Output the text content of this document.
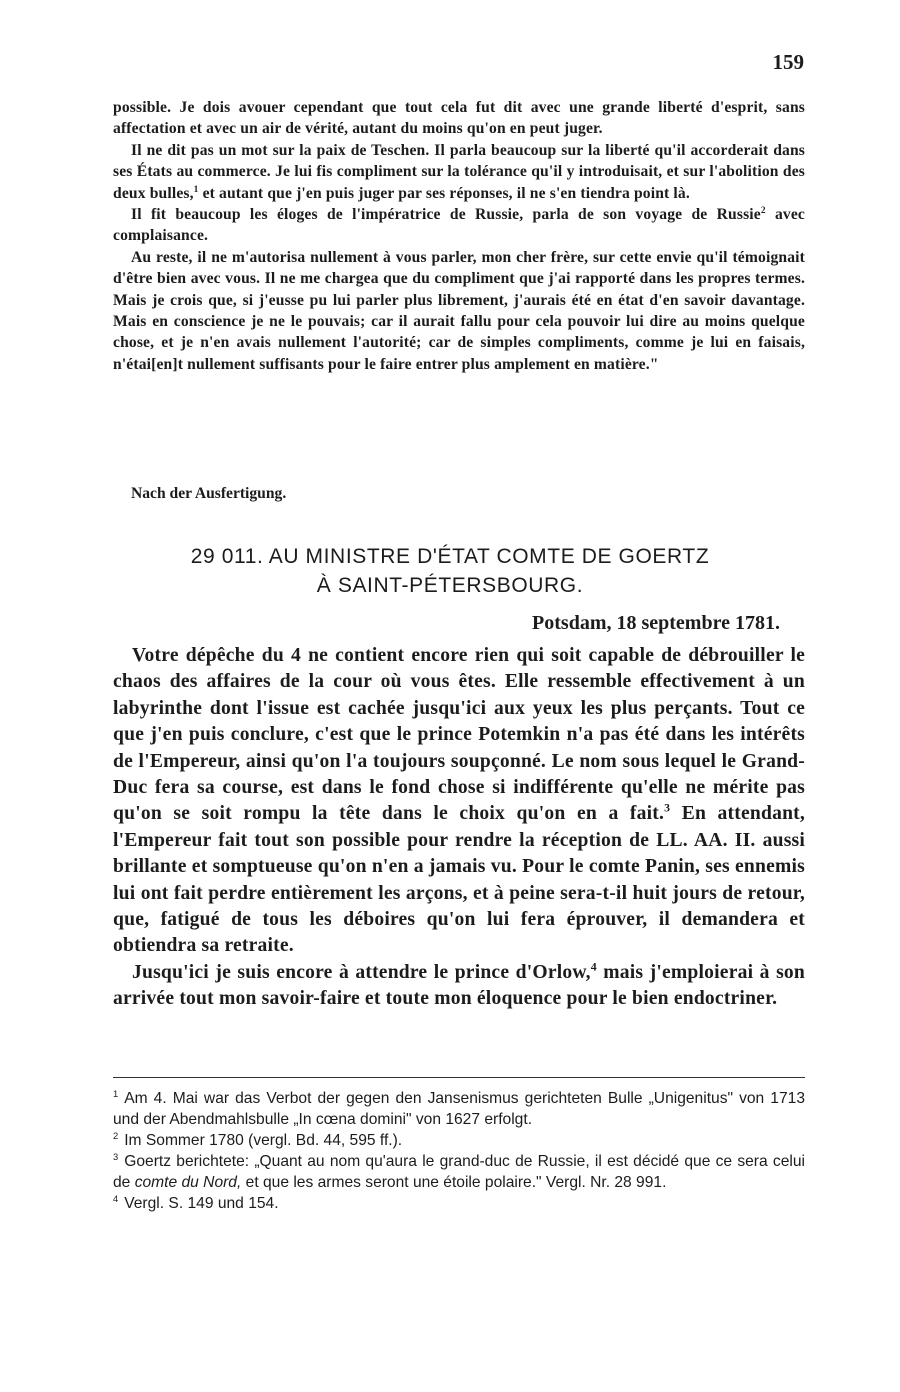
159

possible. Je dois avouer cependant que tout cela fut dit avec une grande liberté d'esprit, sans affectation et avec un air de vérité, autant du moins qu'on en peut juger.

Il ne dit pas un mot sur la paix de Teschen. Il parla beaucoup sur la liberté qu'il accorderait dans ses États au commerce. Je lui fis compliment sur la tolérance qu'il y introduisait, et sur l'abolition des deux bulles,$^1$ et autant que j'en puis juger par ses réponses, il ne s'en tiendra point là.

Il fit beaucoup les éloges de l'impératrice de Russie, parla de son voyage de Russie$^2$ avec complaisance.

Au reste, il ne m'autorisa nullement à vous parler, mon cher frère, sur cette envie qu'il témoignait d'être bien avec vous. Il ne me chargea que du compliment que j'ai rapporté dans les propres termes. Mais je crois que, si j'eusse pu lui parler plus librement, j'aurais été en état d'en savoir davantage. Mais en conscience je ne le pouvais; car il aurait fallu pour cela pouvoir lui dire au moins quelque chose, et je n'en avais nullement l'autorité; car de simples compliments, comme je lui en faisais, n'étai[en]t nullement suffisants pour le faire entrer plus amplement en matière."

Nach der Ausfertigung.
29 011. AU MINISTRE D'ÉTAT COMTE DE GOERTZ
À SAINT-PÉTERSBOURG.
Potsdam, 18 septembre 1781.

Votre dépêche du 4 ne contient encore rien qui soit capable de débrouiller le chaos des affaires de la cour où vous êtes. Elle ressemble effectivement à un labyrinthe dont l'issue est cachée jusqu'ici aux yeux les plus perçants. Tout ce que j'en puis conclure, c'est que le prince Potemkin n'a pas été dans les intérêts de l'Empereur, ainsi qu'on l'a toujours soupçonné. Le nom sous lequel le Grand-Duc fera sa course, est dans le fond chose si indifférente qu'elle ne mérite pas qu'on se soit rompu la tête dans le choix qu'on en a fait.$^3$ En attendant, l'Empereur fait tout son possible pour rendre la réception de LL. AA. II. aussi brillante et somptueuse qu'on n'en a jamais vu. Pour le comte Panin, ses ennemis lui ont fait perdre entièrement les arçons, et à peine sera-t-il huit jours de retour, que, fatigué de tous les déboires qu'on lui fera éprouver, il demandera et obtiendra sa retraite.

Jusqu'ici je suis encore à attendre le prince d'Orlow,$^4$ mais j'emploierai à son arrivée tout mon savoir-faire et toute mon éloquence pour le bien endoctriner.

$^1$ Am 4. Mai war das Verbot der gegen den Jansenismus gerichteten Bulle „Unigenitus" von 1713 und der Abendmahlsbulle „In cœna domini" von 1627 erfolgt.

$^2$ Im Sommer 1780 (vergl. Bd. 44, 595 ff.).

$^3$ Goertz berichtete: „Quant au nom qu'aura le grand-duc de Russie, il est décidé que ce sera celui de comte du Nord, et que les armes seront une étoile polaire." Vergl. Nr. 28 991.

$^4$ Vergl. S. 149 und 154.
